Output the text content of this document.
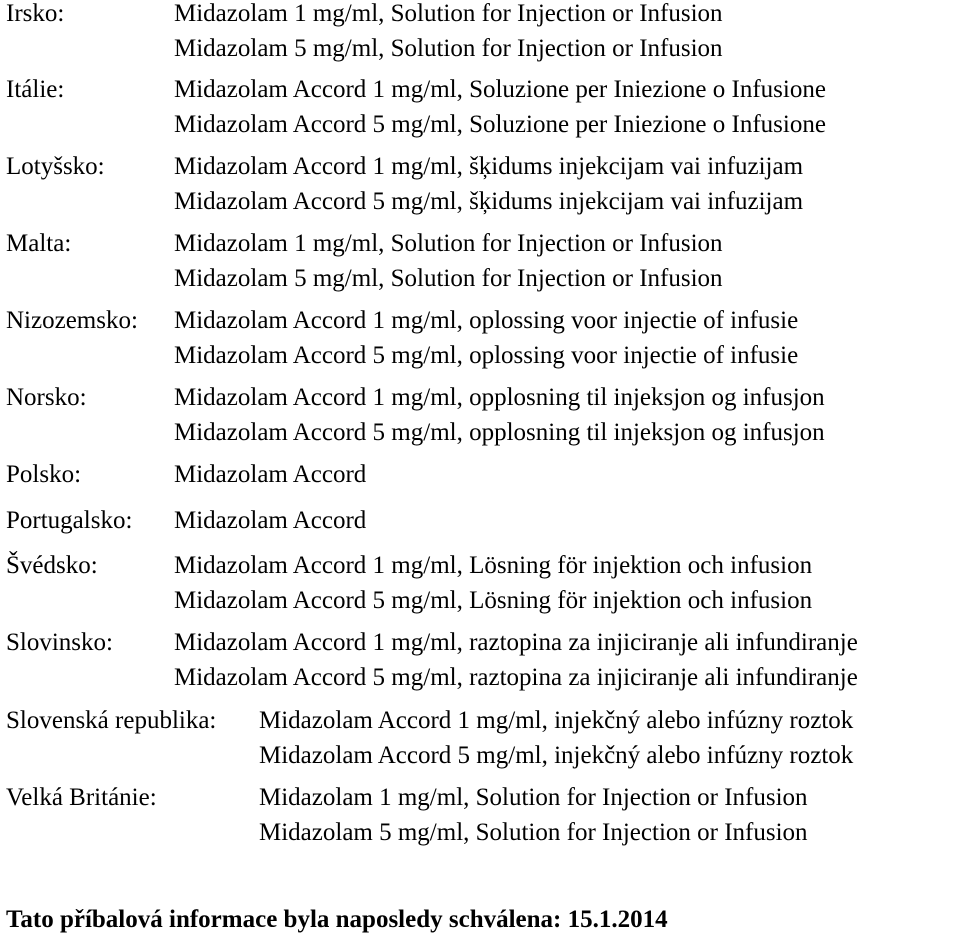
Irsko:	Midazolam 1 mg/ml, Solution for Injection or Infusion
Midazolam 5 mg/ml, Solution for Injection or Infusion
Itálie:	Midazolam Accord 1 mg/ml, Soluzione per Iniezione o Infusione
Midazolam Accord 5 mg/ml, Soluzione per Iniezione o Infusione
Lotyšsko:	Midazolam Accord 1 mg/ml, šķidums injekcijam vai infuzijam
Midazolam Accord 5 mg/ml, šķidums injekcijam vai infuzijam
Malta:	Midazolam 1 mg/ml, Solution for Injection or Infusion
Midazolam 5 mg/ml, Solution for Injection or Infusion
Nizozemsko: Midazolam Accord 1 mg/ml, oplossing voor injectie of infusie
Midazolam Accord 5 mg/ml, oplossing voor injectie of infusie
Norsko:	Midazolam Accord 1 mg/ml, opplosning til injeksjon og infusjon
Midazolam Accord 5 mg/ml, opplosning til injeksjon og infusjon
Polsko:	Midazolam Accord
Portugalsko: Midazolam Accord
Švédsko:	Midazolam Accord 1 mg/ml, Lösning för injektion och infusion
Midazolam Accord 5 mg/ml, Lösning för injektion och infusion
Slovinsko: Midazolam Accord 1 mg/ml, raztopina za injiciranje ali infundiranje
Midazolam Accord 5 mg/ml, raztopina za injiciranje ali infundiranje
Slovenská republika: Midazolam Accord 1 mg/ml, injekčný alebo infúzny roztok
Midazolam Accord 5 mg/ml, injekčný alebo infúzny roztok
Velká Británie:	Midazolam 1 mg/ml, Solution for Injection or Infusion
Midazolam 5 mg/ml, Solution for Injection or Infusion
Tato příbalová informace byla naposledy schválena: 15.1.2014
